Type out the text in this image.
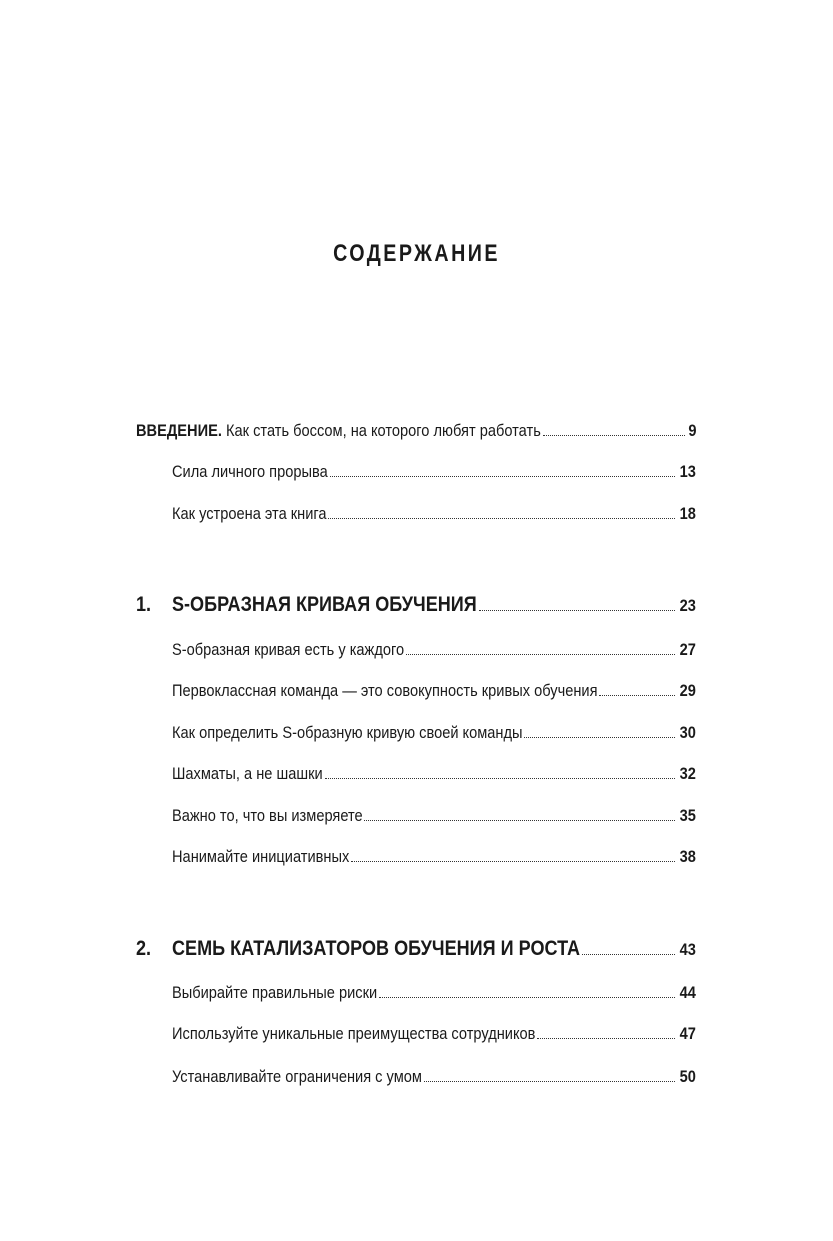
СОДЕРЖАНИЕ
ВВЕДЕНИЕ. Как стать боссом, на которого любят работать	9
Сила личного прорыва	13
Как устроена эта книга	18
1. S-ОБРАЗНАЯ КРИВАЯ ОБУЧЕНИЯ	23
S-образная кривая есть у каждого	27
Первоклассная команда — это совокупность кривых обучения	29
Как определить S-образную кривую своей команды	30
Шахматы, а не шашки	32
Важно то, что вы измеряете	35
Нанимайте инициативных	38
2. СЕМЬ КАТАЛИЗАТОРОВ ОБУЧЕНИЯ И РОСТА	43
Выбирайте правильные риски	44
Используйте уникальные преимущества сотрудников	47
Устанавливайте ограничения с умом	50
